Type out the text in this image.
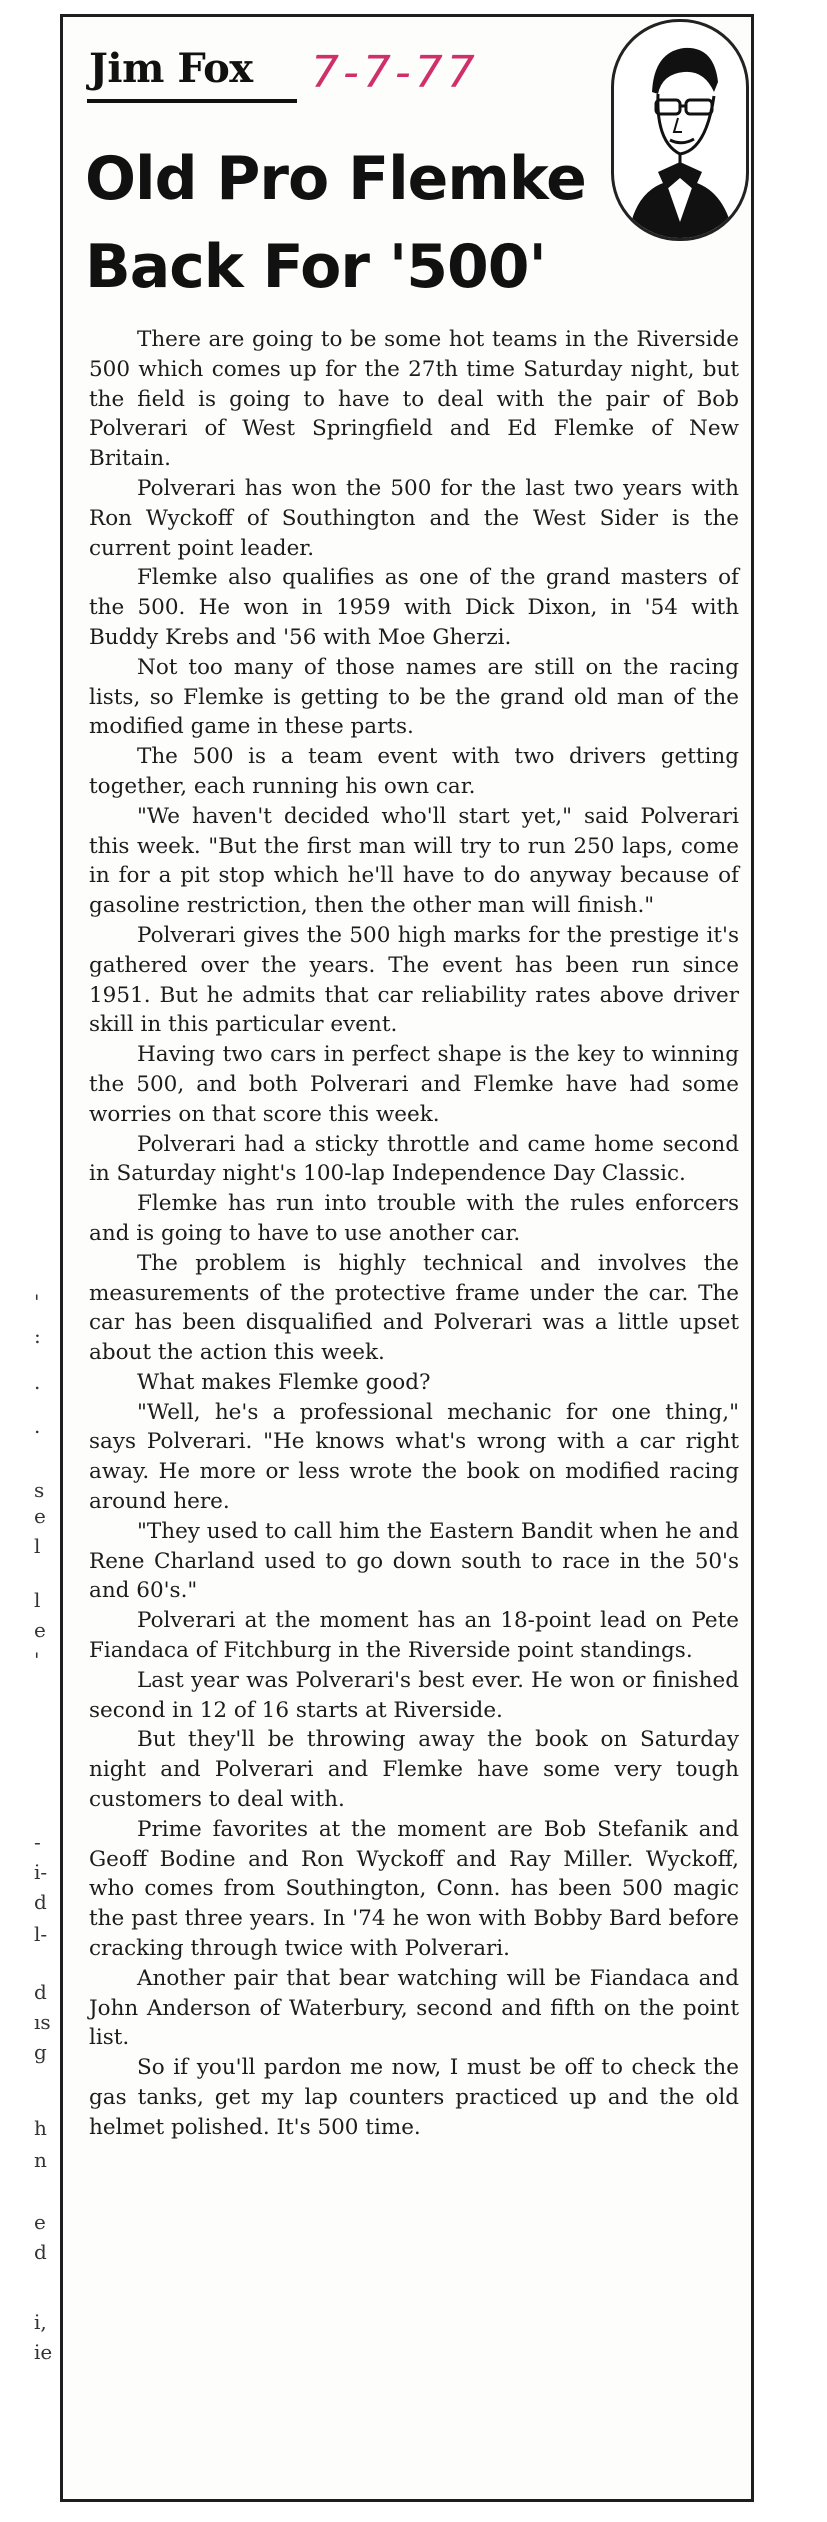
Jim Fox 7-7-77
Old Pro Flemke
Back For '500'

There are going to be some hot teams in the Riverside 500 which comes up for the 27th time Saturday night, but the field is going to have to deal with the pair of Bob Polverari of West Springfield and Ed Flemke of New Britain.

Polverari has won the 500 for the last two years with Ron Wyckoff of Southington and the West Sider is the current point leader.

Flemke also qualifies as one of the grand masters of the 500. He won in 1959 with Dick Dixon, in '54 with Buddy Krebs and '56 with Moe Gherzi.

Not too many of those names are still on the racing lists, so Flemke is getting to be the grand old man of the modified game in these parts.

The 500 is a team event with two drivers getting together, each running his own car.

"We haven't decided who'll start yet," said Polverari this week. "But the first man will try to run 250 laps, come in for a pit stop which he'll have to do anyway because of gasoline restriction, then the other man will finish."

Polverari gives the 500 high marks for the prestige it's gathered over the years. The event has been run since 1951. But he admits that car reliability rates above driver skill in this particular event.

Having two cars in perfect shape is the key to winning the 500, and both Polverari and Flemke have had some worries on that score this week.

Polverari had a sticky throttle and came home second in Saturday night's 100-lap Independence Day Classic.

Flemke has run into trouble with the rules enforcers and is going to have to use another car.

The problem is highly technical and involves the measurements of the protective frame under the car. The car has been disqualified and Polverari was a little upset about the action this week.

What makes Flemke good?

"Well, he's a professional mechanic for one thing," says Polverari. "He knows what's wrong with a car right away. He more or less wrote the book on modified racing around here.

"They used to call him the Eastern Bandit when he and Rene Charland used to go down south to race in the 50's and 60's."

Polverari at the moment has an 18-point lead on Pete Fiandaca of Fitchburg in the Riverside point standings.

Last year was Polverari's best ever. He won or finished second in 12 of 16 starts at Riverside.

But they'll be throwing away the book on Saturday night and Polverari and Flemke have some very tough customers to deal with.

Prime favorites at the moment are Bob Stefanik and Geoff Bodine and Ron Wyckoff and Ray Miller. Wyckoff, who comes from Southington, Conn. has been 500 magic the past three years. In '74 he won with Bobby Bard before cracking through twice with Polverari.

Another pair that bear watching will be Fiandaca and John Anderson of Waterbury, second and fifth on the point list.

So if you'll pardon me now, I must be off to check the gas tanks, get my lap counters practiced up and the old helmet polished. It's 500 time.

'
:
.
.
s
e
l
l
e
'
-
i-
d
l-
d
ıs
g
h
n
e
d
i,
ie
